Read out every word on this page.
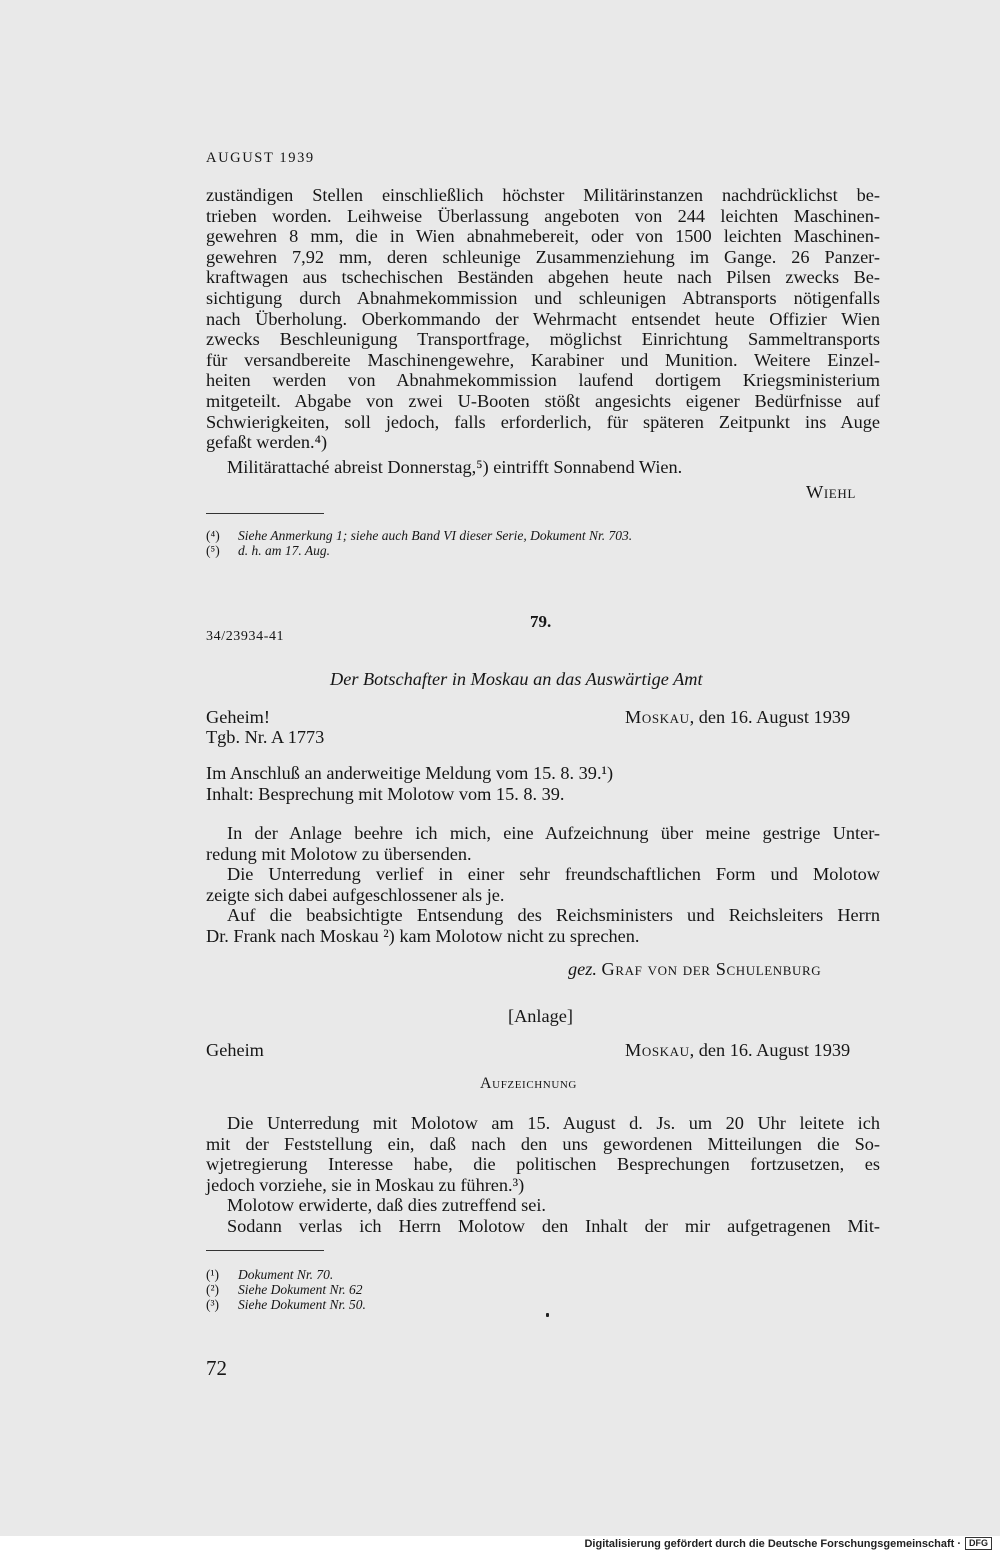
AUGUST 1939
zuständigen Stellen einschließlich höchster Militärinstanzen nachdrücklichst be-
trieben worden. Leihweise Überlassung angeboten von 244 leichten Maschinen-
gewehren 8 mm, die in Wien abnahmebereit, oder von 1500 leichten Maschinen-
gewehren 7,92 mm, deren schleunige Zusammenziehung im Gange. 26 Panzer-
kraftwagen aus tschechischen Beständen abgehen heute nach Pilsen zwecks Be-
sichtigung durch Abnahmekommission und schleunigen Abtransports nötigenfalls
nach Überholung. Oberkommando der Wehrmacht entsendet heute Offizier Wien
zwecks Beschleunigung Transportfrage, möglichst Einrichtung Sammeltransports
für versandbereite Maschinengewehre, Karabiner und Munition. Weitere Einzel-
heiten werden von Abnahmekommission laufend dortigem Kriegsministerium
mitgeteilt. Abgabe von zwei U-Booten stößt angesichts eigener Bedürfnisse auf
Schwierigkeiten, soll jedoch, falls erforderlich, für späteren Zeitpunkt ins Auge
gefaßt werden.⁴)
Militärattaché abreist Donnerstag,⁵) eintrifft Sonnabend Wien.
Wiehl
(⁴) Siehe Anmerkung 1; siehe auch Band VI dieser Serie, Dokument Nr. 703.
(⁵) d. h. am 17. Aug.
79.
34/23934-41
Der Botschafter in Moskau an das Auswärtige Amt
Geheim!	Moskau, den 16. August 1939
Tgb. Nr. A 1773
Im Anschluß an anderweitige Meldung vom 15. 8. 39.¹)
Inhalt: Besprechung mit Molotow vom 15. 8. 39.
In der Anlage beehre ich mich, eine Aufzeichnung über meine gestrige Unter-
redung mit Molotow zu übersenden.
Die Unterredung verlief in einer sehr freundschaftlichen Form und Molotow
zeigte sich dabei aufgeschlossener als je.
Auf die beabsichtigte Entsendung des Reichsministers und Reichsleiters Herrn
Dr. Frank nach Moskau ²) kam Molotow nicht zu sprechen.
gez. Graf von der Schulenburg
[Anlage]
Geheim	Moskau, den 16. August 1939
Aufzeichnung
Die Unterredung mit Molotow am 15. August d. Js. um 20 Uhr leitete ich
mit der Feststellung ein, daß nach den uns gewordenen Mitteilungen die So-
wjetregierung Interesse habe, die politischen Besprechungen fortzusetzen, es
jedoch vorziehe, sie in Moskau zu führen.³)
Molotow erwiderte, daß dies zutreffend sei.
Sodann verlas ich Herrn Molotow den Inhalt der mir aufgetragenen Mit-
(¹) Dokument Nr. 70.
(²) Siehe Dokument Nr. 62
(³) Siehe Dokument Nr. 50.
72
Digitalisierung gefördert durch die Deutsche Forschungsgemeinschaft · DFG
